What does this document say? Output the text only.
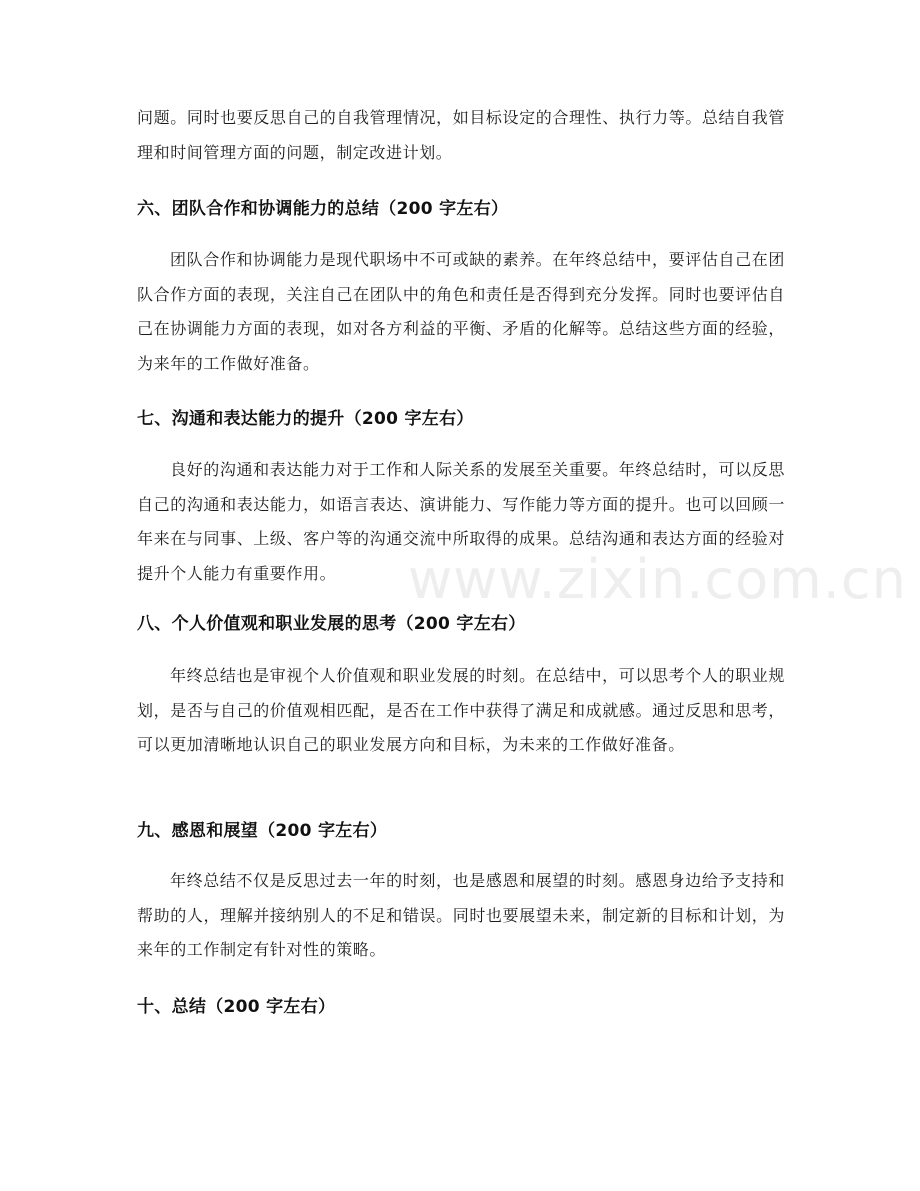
www.zixin.com.cn

问题。同时也要反思自己的自我管理情况，如目标设定的合理性、执行力等。总结自我管理和时间管理方面的问题，制定改进计划。

六、团队合作和协调能力的总结（200 字左右）

团队合作和协调能力是现代职场中不可或缺的素养。在年终总结中，要评估自己在团队合作方面的表现，关注自己在团队中的角色和责任是否得到充分发挥。同时也要评估自己在协调能力方面的表现，如对各方利益的平衡、矛盾的化解等。总结这些方面的经验，为来年的工作做好准备。

七、沟通和表达能力的提升（200 字左右）

良好的沟通和表达能力对于工作和人际关系的发展至关重要。年终总结时，可以反思自己的沟通和表达能力，如语言表达、演讲能力、写作能力等方面的提升。也可以回顾一年来在与同事、上级、客户等的沟通交流中所取得的成果。总结沟通和表达方面的经验对提升个人能力有重要作用。

八、个人价值观和职业发展的思考（200 字左右）

年终总结也是审视个人价值观和职业发展的时刻。在总结中，可以思考个人的职业规划，是否与自己的价值观相匹配，是否在工作中获得了满足和成就感。通过反思和思考，可以更加清晰地认识自己的职业发展方向和目标，为未来的工作做好准备。

九、感恩和展望（200 字左右）

年终总结不仅是反思过去一年的时刻，也是感恩和展望的时刻。感恩身边给予支持和帮助的人，理解并接纳别人的不足和错误。同时也要展望未来，制定新的目标和计划，为来年的工作制定有针对性的策略。

十、总结（200 字左右）
